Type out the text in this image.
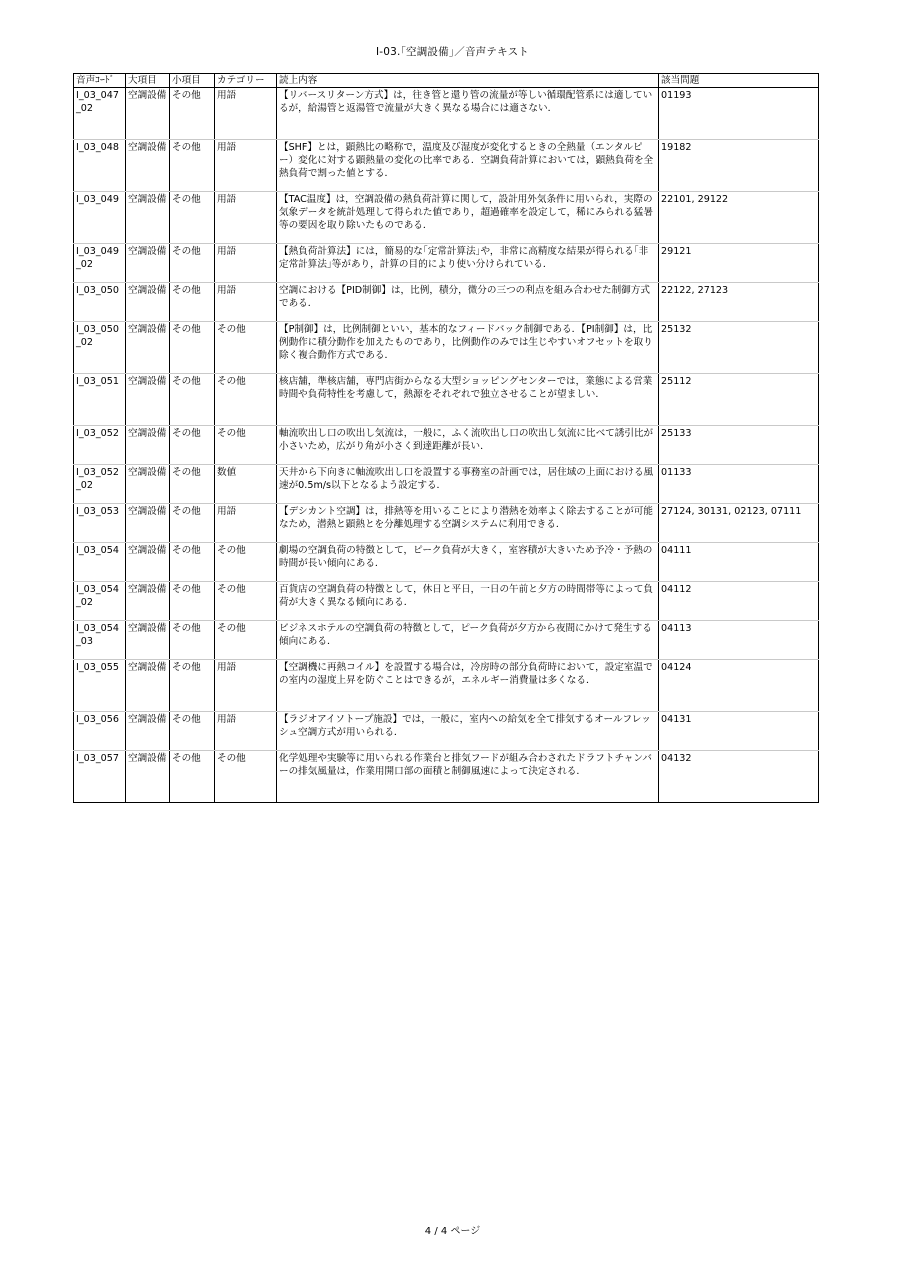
Ⅰ-03.｢空調設備｣／音声テキスト
音声ｺｰﾄﾞ	大項目	小項目	カテゴリー	読上内容	該当問題
Ⅰ_03_047_02	空調設備	その他	用語	【リバースリターン方式】は，往き管と還り管の流量が等しい循環配管系には適しているが，給湯管と返湯管で流量が大きく異なる場合には適さない．	01193
Ⅰ_03_048	空調設備	その他	用語	【SHF】とは，顕熱比の略称で，温度及び湿度が変化するときの全熱量（エンタルピー）変化に対する顕熱量の変化の比率である．空調負荷計算においては，顕熱負荷を全熱負荷で割った値とする．	19182
Ⅰ_03_049	空調設備	その他	用語	【TAC温度】は，空調設備の熱負荷計算に関して，設計用外気条件に用いられ，実際の気象データを統計処理して得られた値であり，超過確率を設定して，稀にみられる猛暑等の要因を取り除いたものである．	22101, 29122
Ⅰ_03_049_02	空調設備	その他	用語	【熱負荷計算法】には，簡易的な｢定常計算法｣や，非常に高精度な結果が得られる｢非定常計算法｣等があり，計算の目的により使い分けられている．	29121
Ⅰ_03_050	空調設備	その他	用語	空調における【PID制御】は，比例，積分，微分の三つの利点を組み合わせた制御方式である．	22122, 27123
Ⅰ_03_050_02	空調設備	その他	その他	【P制御】は，比例制御といい，基本的なフィードバック制御である．【PI制御】は，比例動作に積分動作を加えたものであり，比例動作のみでは生じやすいオフセットを取り除く複合動作方式である．	25132
Ⅰ_03_051	空調設備	その他	その他	核店舗，準核店舗，専門店街からなる大型ショッピングセンターでは，業態による営業時間や負荷特性を考慮して，熱源をそれぞれで独立させることが望ましい．	25112
Ⅰ_03_052	空調設備	その他	その他	軸流吹出し口の吹出し気流は，一般に，ふく流吹出し口の吹出し気流に比べて誘引比が小さいため，広がり角が小さく到達距離が長い．	25133
Ⅰ_03_052_02	空調設備	その他	数値	天井から下向きに軸流吹出し口を設置する事務室の計画では，居住域の上面における風速が0.5m/s以下となるよう設定する．	01133
Ⅰ_03_053	空調設備	その他	用語	【デシカント空調】は，排熱等を用いることにより潜熱を効率よく除去することが可能なため，潜熱と顕熱とを分離処理する空調システムに利用できる．	27124, 30131, 02123, 07111
Ⅰ_03_054	空調設備	その他	その他	劇場の空調負荷の特徴として，ピーク負荷が大きく，室容積が大きいため予冷・予熱の時間が長い傾向にある．	04111
Ⅰ_03_054_02	空調設備	その他	その他	百貨店の空調負荷の特徴として，休日と平日，一日の午前と夕方の時間帯等によって負荷が大きく異なる傾向にある．	04112
Ⅰ_03_054_03	空調設備	その他	その他	ビジネスホテルの空調負荷の特徴として，ピーク負荷が夕方から夜間にかけて発生する傾向にある．	04113
Ⅰ_03_055	空調設備	その他	用語	【空調機に再熱コイル】を設置する場合は，冷房時の部分負荷時において，設定室温での室内の湿度上昇を防ぐことはできるが，エネルギー消費量は多くなる．	04124
Ⅰ_03_056	空調設備	その他	用語	【ラジオアイソトープ施設】では，一般に，室内への給気を全て排気するオールフレッシュ空調方式が用いられる．	04131
Ⅰ_03_057	空調設備	その他	その他	化学処理や実験等に用いられる作業台と排気フードが組み合わされたドラフトチャンバーの排気風量は，作業用開口部の面積と制御風速によって決定される．	04132
4 / 4 ページ
